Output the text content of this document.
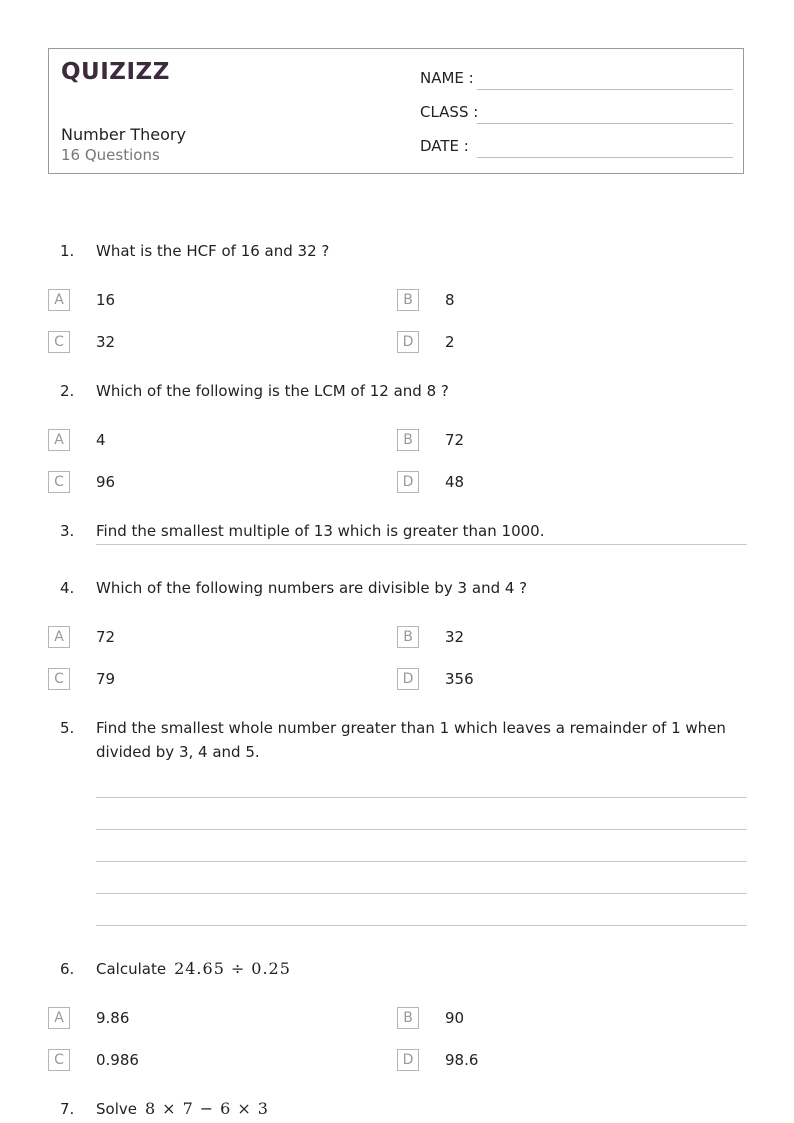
QUIZIZZ
Number Theory
16 Questions
NAME :
CLASS :
DATE :
1. What is the HCF of 16 and 32 ?
A	16	B	8
C	32	D	2
2. Which of the following is the LCM of 12 and 8 ?
A	4	B	72
C	96	D	48
3. Find the smallest multiple of 13 which is greater than 1000.
4. Which of the following numbers are divisible by 3 and 4 ?
A	72	B	32
C	79	D	356
5. Find the smallest whole number greater than 1 which leaves a remainder of 1 when divided by 3, 4 and 5.
6. Calculate 24.65 ÷ 0.25
A	9.86	B	90
C	0.986	D	98.6
7. Solve 8 × 7 − 6 × 3
